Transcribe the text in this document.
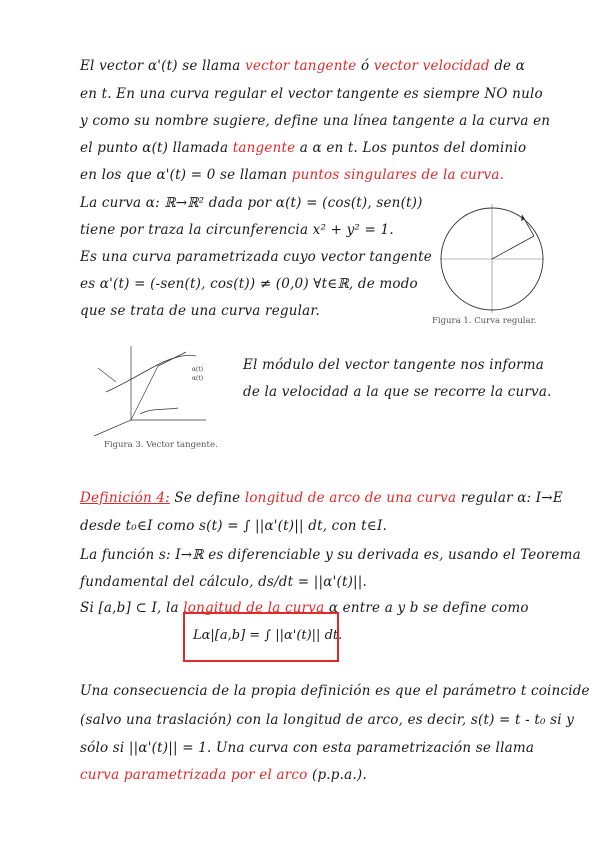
El vector α'(t) se llama vector tangente ó vector velocidad de α
en t. En una curva regular el vector tangente es siempre NO nulo
y como su nombre sugiere, define una línea tangente a la curva en
el punto α(t) llamada tangente a α en t. Los puntos del dominio
en los que α'(t) = 0 se llaman puntos singulares de la curva.
La curva α: ℝ→ℝ² dada por α(t) = (cos(t), sen(t))
tiene por traza la circunferencia x² + y² = 1.
Es una curva parametrizada cuyo vector tangente
es α'(t) = (-sen(t), cos(t)) ≠ (0,0) ∀t∈ℝ, de modo
que se trata de una curva regular.
Figura 1. Curva regular.
α(t)
α(t)
Figura 3. Vector tangente.
El módulo del vector tangente nos informa
de la velocidad a la que se recorre la curva.
Definición 4: Se define longitud de arco de una curva regular α: I→E
desde t₀∈I como s(t) = ∫ ||α'(t)|| dt, con t∈I.
La función s: I→ℝ es diferenciable y su derivada es, usando el Teorema
fundamental del cálculo, ds/dt = ||α'(t)||.
Si [a,b] ⊂ I, la longitud de la curva α entre a y b se define como
Lα|[a,b] = ∫ ||α'(t)|| dt.
Una consecuencia de la propia definición es que el parámetro t coincide
(salvo una traslación) con la longitud de arco, es decir, s(t) = t - t₀ si y
sólo si ||α'(t)|| = 1. Una curva con esta parametrización se llama
curva parametrizada por el arco (p.p.a.).
